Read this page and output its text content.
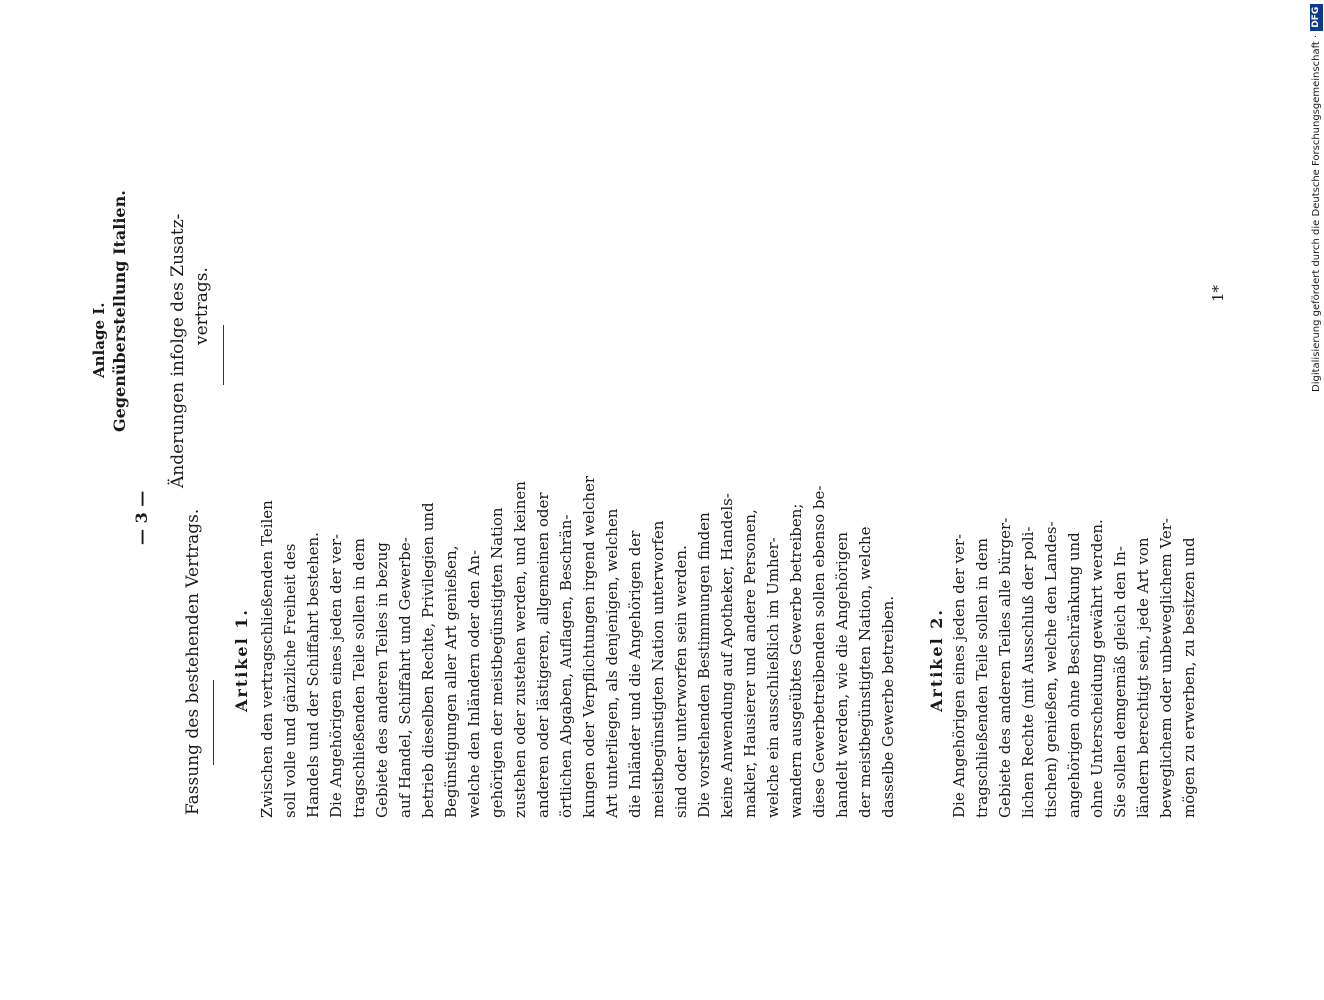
— 3 — Fassung des bestehenden Vertrags.
Anlage I. Gegenüberstellung Italien. Änderungen infolge des Zusatz- vertrags.
Artikel 1. Zwischen den vertragschließenden Teilen soll volle und gänzliche Freiheit des Handels und der Schiffahrt bestehen. Die Angehörigen eines jeden der ver- tragschließenden Teile sollen in dem Gebiete des anderen Teiles in bezug auf Handel, Schiffahrt und Gewerbe- betrieb dieselben Rechte, Privilegien und Begünstigungen aller Art genießen, welche den Inländern oder den An- gehörigen der meistbegünstigten Nation zustehen oder zustehen werden, und keinen anderen oder lästigeren, allgemeinen oder örtlichen Abgaben, Auflagen, Beschrän- kungen oder Verpflichtungen irgend welcher Art unterliegen, als denjenigen, welchen die Inländer und die Angehörigen der meistbegünstigten Nation unterworfen sind oder unterworfen sein werden. Die vorstehenden Bestimmungen finden keine Anwendung auf Apotheker, Handels- makler, Hausierer und andere Personen, welche ein ausschließlich im Umher- wandern ausgeübtes Gewerbe betreiben; diese Gewerbetreibenden sollen ebenso be- handelt werden, wie die Angehörigen der meistbegünstigten Nation, welche dasselbe Gewerbe betreiben. Artikel 2. Die Angehörigen eines jeden der ver- tragschließenden Teile sollen in dem Gebiete des anderen Teiles alle bürger- lichen Rechte (mit Ausschluß der poli- tischen) genießen, welche den Landes- angehörigen ohne Beschränkung und ohne Unterscheidung gewährt werden. Sie sollen demgemäß gleich den In- ländern berechtigt sein, jede Art von beweglichem oder unbeweglichem Ver- mögen zu erwerben, zu besitzen und
1*	Digitalisierung gefördert durch die Deutsche Forschungsgemeinschaft ·
DFG
